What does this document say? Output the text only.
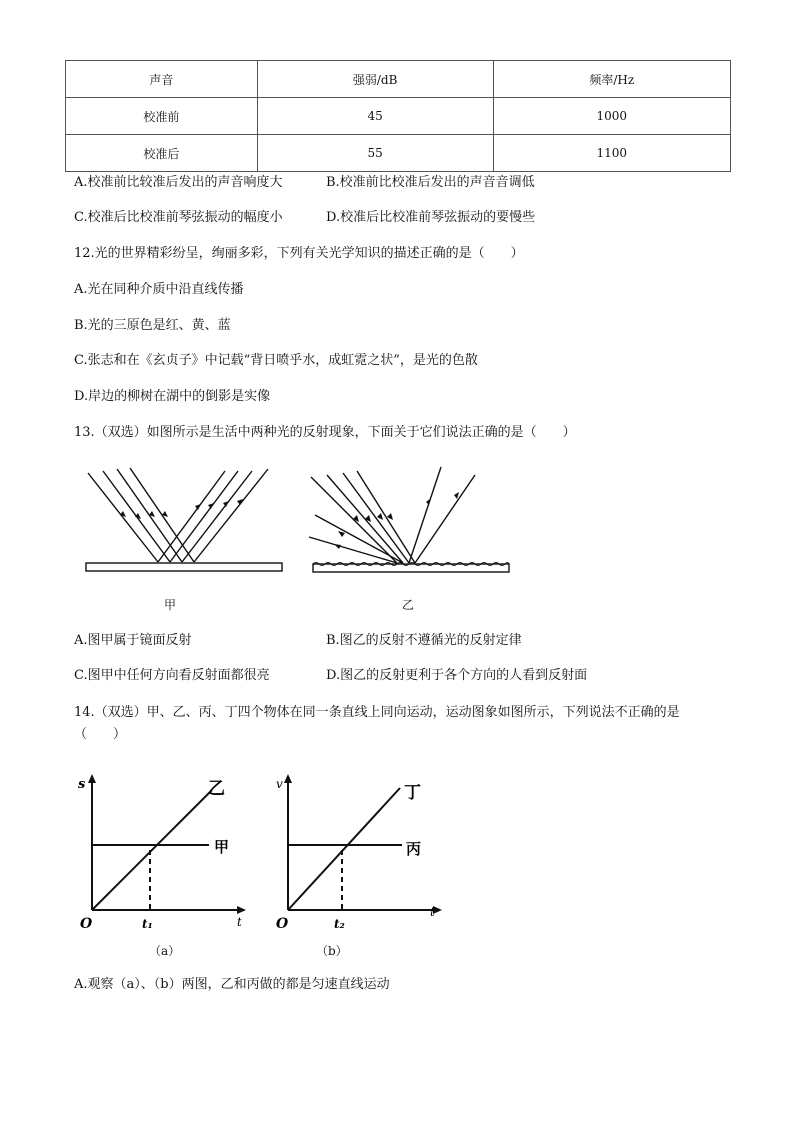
声音	强弱/dB	频率/Hz
校准前	45	1000
校准后	55	1100
A.校准前比较准后发出的声音响度大	B.校准前比校准后发出的声音音调低
C.校准后比校准前琴弦振动的幅度小	D.校准后比校准前琴弦振动的要慢些
12.光的世界精彩纷呈，绚丽多彩，下列有关光学知识的描述正确的是（　　）
A.光在同种介质中沿直线传播
B.光的三原色是红、黄、蓝
C.张志和在《玄贞子》中记载“背日喷乎水，成虹霓之状”，是光的色散
D.岸边的柳树在湖中的倒影是实像
13.（双选）如图所示是生活中两种光的反射现象，下面关于它们说法正确的是（　　）
甲	乙
A.图甲属于镜面反射	B.图乙的反射不遵循光的反射定律
C.图甲中任何方向看反射面都很亮	D.图乙的反射更利于各个方向的人看到反射面
14.（双选）甲、乙、丙、丁四个物体在同一条直线上同向运动，运动图象如图所示，下列说法不正确的是
（　　）
s
t
O	t₁
乙
甲
（a）
v
t
O	t₂
丁
丙
（b）
A.观察（a）、（b）两图，乙和丙做的都是匀速直线运动
